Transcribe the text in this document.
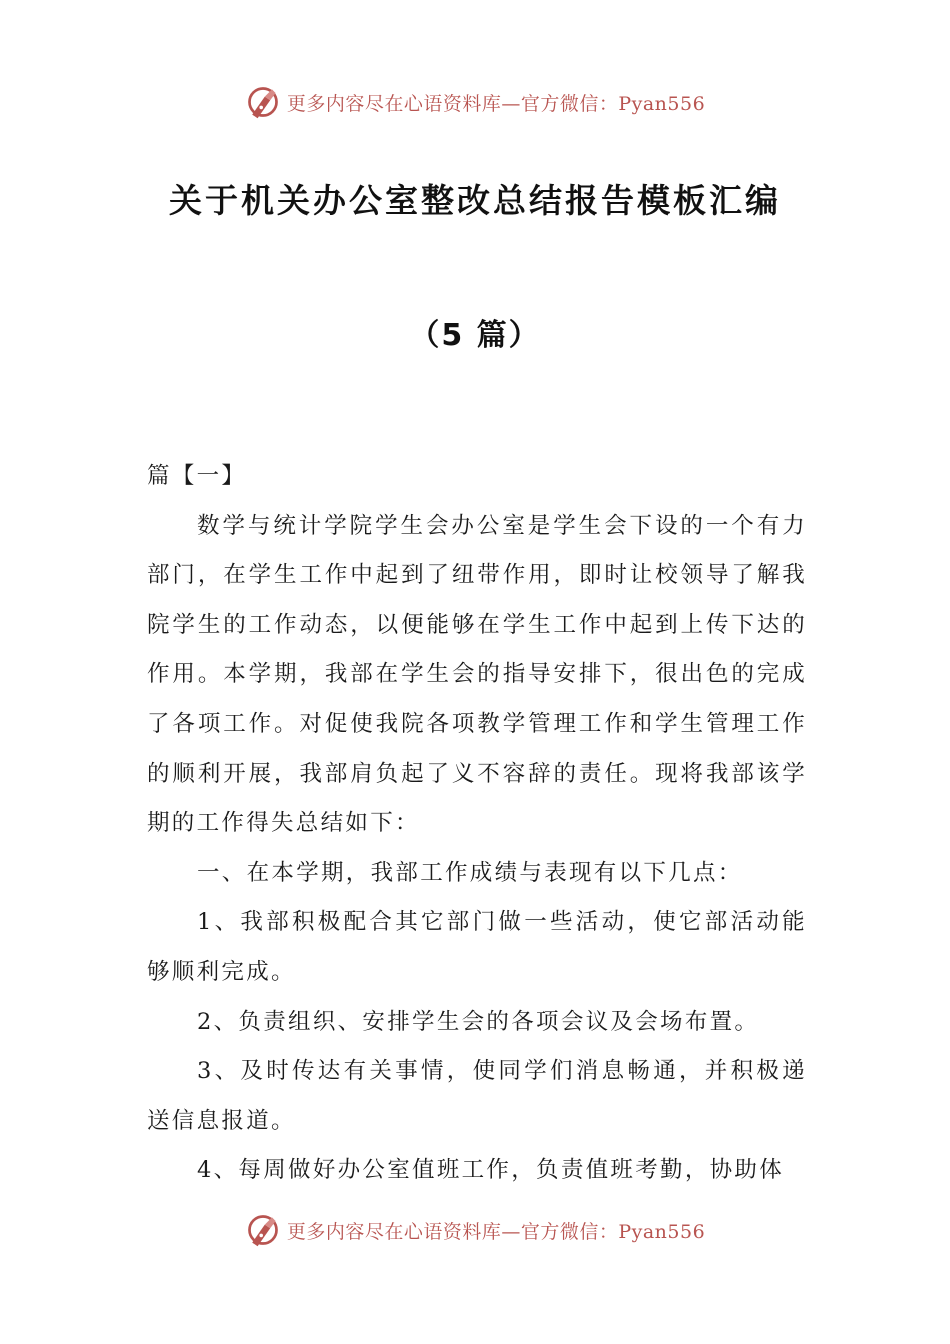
更多内容尽在心语资料库—官方微信：Pyan556
关于机关办公室整改总结报告模板汇编
（5 篇）

篇【一】

数学与统计学院学生会办公室是学生会下设的一个有力部门，在学生工作中起到了纽带作用，即时让校领导了解我院学生的工作动态，以便能够在学生工作中起到上传下达的作用。本学期，我部在学生会的指导安排下，很出色的完成了各项工作。对促使我院各项教学管理工作和学生管理工作的顺利开展，我部肩负起了义不容辞的责任。现将我部该学期的工作得失总结如下：

一、在本学期，我部工作成绩与表现有以下几点：

1、我部积极配合其它部门做一些活动，使它部活动能够顺利完成。

2、负责组织、安排学生会的各项会议及会场布置。

3、及时传达有关事情，使同学们消息畅通，并积极递送信息报道。

4、每周做好办公室值班工作，负责值班考勤，协助体

更多内容尽在心语资料库—官方微信：Pyan556
